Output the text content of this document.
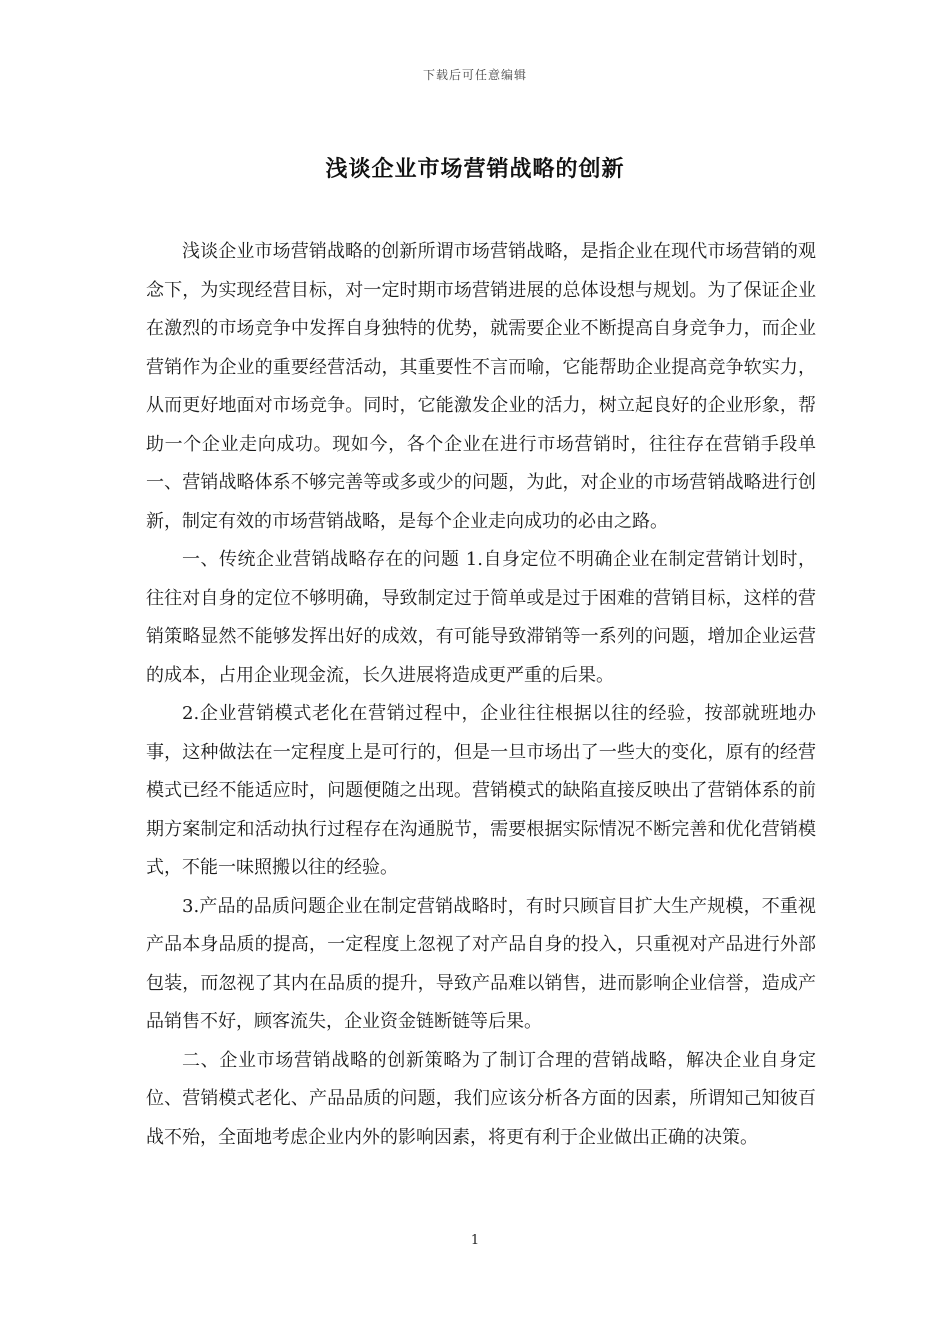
下载后可任意编辑
浅谈企业市场营销战略的创新

浅谈企业市场营销战略的创新所谓市场营销战略，是指企业在现代市场营销的观念下，为实现经营目标，对一定时期市场营销进展的总体设想与规划。为了保证企业在激烈的市场竞争中发挥自身独特的优势，就需要企业不断提高自身竞争力，而企业营销作为企业的重要经营活动，其重要性不言而喻，它能帮助企业提高竞争软实力，从而更好地面对市场竞争。同时，它能激发企业的活力，树立起良好的企业形象，帮助一个企业走向成功。现如今，各个企业在进行市场营销时，往往存在营销手段单一、营销战略体系不够完善等或多或少的问题，为此，对企业的市场营销战略进行创新，制定有效的市场营销战略，是每个企业走向成功的必由之路。

一、传统企业营销战略存在的问题 1.自身定位不明确企业在制定营销计划时，往往对自身的定位不够明确，导致制定过于简单或是过于困难的营销目标，这样的营销策略显然不能够发挥出好的成效，有可能导致滞销等一系列的问题，增加企业运营的成本，占用企业现金流，长久进展将造成更严重的后果。

2.企业营销模式老化在营销过程中，企业往往根据以往的经验，按部就班地办事，这种做法在一定程度上是可行的，但是一旦市场出了一些大的变化，原有的经营模式已经不能适应时，问题便随之出现。营销模式的缺陷直接反映出了营销体系的前期方案制定和活动执行过程存在沟通脱节，需要根据实际情况不断完善和优化营销模式，不能一味照搬以往的经验。

3.产品的品质问题企业在制定营销战略时，有时只顾盲目扩大生产规模，不重视产品本身品质的提高，一定程度上忽视了对产品自身的投入，只重视对产品进行外部包装，而忽视了其内在品质的提升，导致产品难以销售，进而影响企业信誉，造成产品销售不好，顾客流失，企业资金链断链等后果。

二、企业市场营销战略的创新策略为了制订合理的营销战略，解决企业自身定位、营销模式老化、产品品质的问题，我们应该分析各方面的因素，所谓知己知彼百战不殆，全面地考虑企业内外的影响因素，将更有利于企业做出正确的决策。

1
